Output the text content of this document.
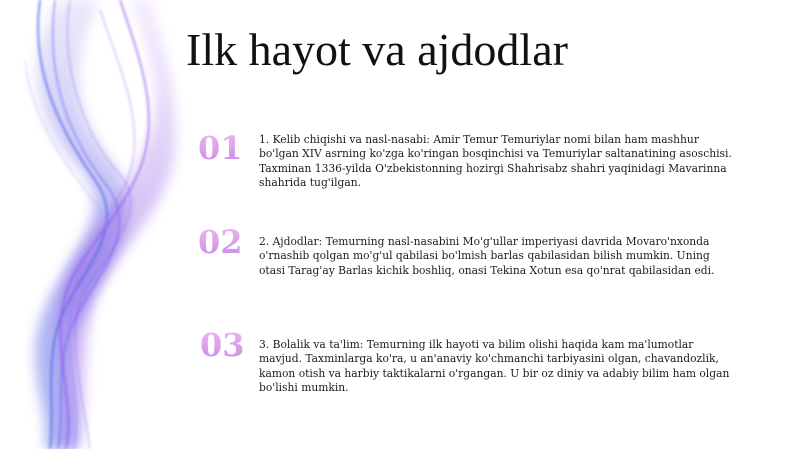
Ilk hayot va ajdodlar
01	1. Kelib chiqishi va nasl-nasabi: Amir Temur Temuriylar nomi bilan ham mashhur bo'lgan XIV asrning ko'zga ko'ringan bosqinchisi va Temuriylar saltanatining asoschisi. Taxminan 1336-yilda O'zbekistonning hozirgi Shahrisabz shahri yaqinidagi Mavarinna shahrida tug'ilgan.
02	2. Ajdodlar: Temurning nasl-nasabini Mo'g'ullar imperiyasi davrida Movaro'nxonda o'rnashib qolgan mo'g'ul qabilasi bo'lmish barlas qabilasidan bilish mumkin. Uning otasi Tarag'ay Barlas kichik boshliq, onasi Tekina Xotun esa qo'nrat qabilasidan edi.
03	3. Bolalik va ta'lim: Temurning ilk hayoti va bilim olishi haqida kam ma'lumotlar mavjud. Taxminlarga ko'ra, u an'anaviy ko'chmanchi tarbiyasini olgan, chavandozlik, kamon otish va harbiy taktikalarni o'rgangan. U bir oz diniy va adabiy bilim ham olgan bo'lishi mumkin.
